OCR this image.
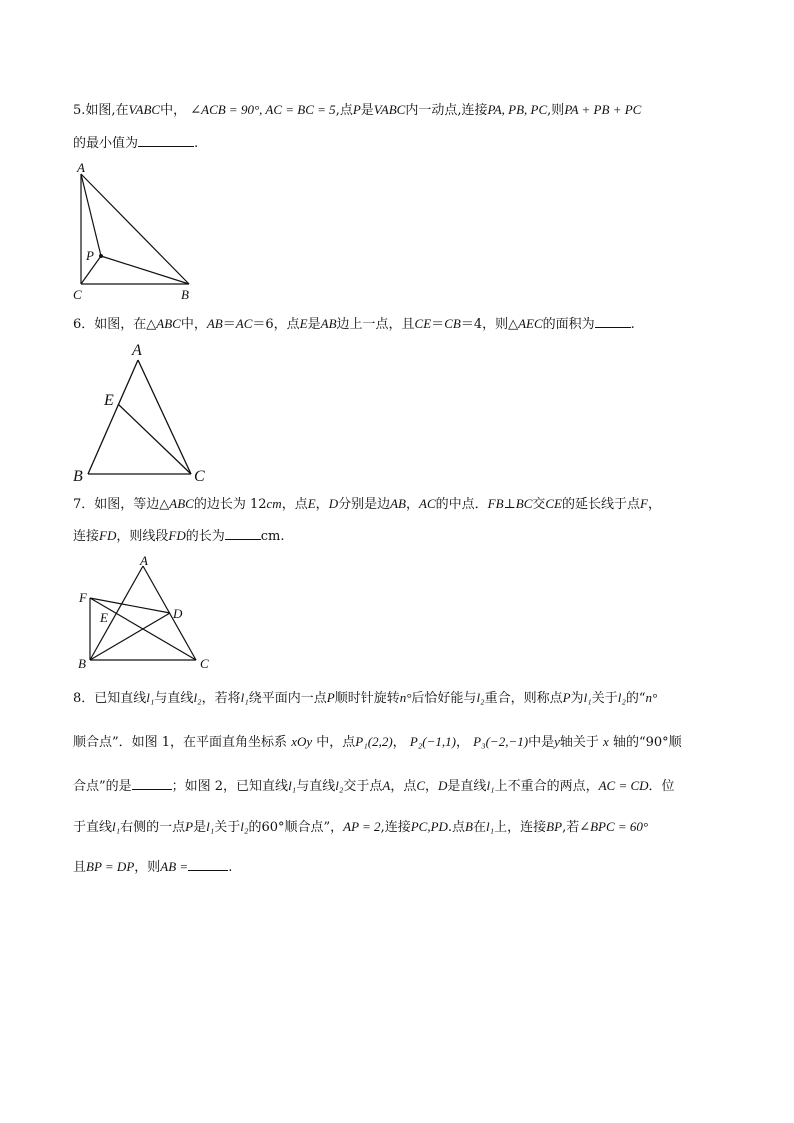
5.如图,在VABC中， ∠ACB = 90°, AC = BC = 5,点P是VABC内一动点,连接PA, PB, PC,则PA + PB + PC
的最小值为	.
A
P
C	B
6．如图，在△ABC中，AB＝AC＝6，点E是AB边上一点，且CE＝CB＝4，则△AEC的面积为	.
A
E
B	C
7．如图，等边△ABC的边长为 12cm，点E，D分别是边AB，AC的中点．FB⊥BC交CE的延长线于点F，
连接FD，则线段FD的长为	cm.
A
F
D
E
B	C
8．已知直线l₁与直线l₂，若将l₁绕平面内一点P顺时针旋转n°后恰好能与l₂重合，则称点P为l₁关于l₂的“n°
顺合点”．如图 1，在平面直角坐标系 xOy 中，点P₁(2,2)， P₂(−1,1)， P₃(−2,−1)中是y轴关于 x 轴的“90°顺
合点”的是	；如图 2，已知直线l₁与直线l₂交于点A，点C，D是直线l₁上不重合的两点，AC = CD．位
于直线l₁右侧的一点P是l₁关于l₂的60°顺合点”，AP = 2,连接PC,PD.点B在l₁上，连接BP,若∠BPC = 60°
且BP = DP，则AB =	.
